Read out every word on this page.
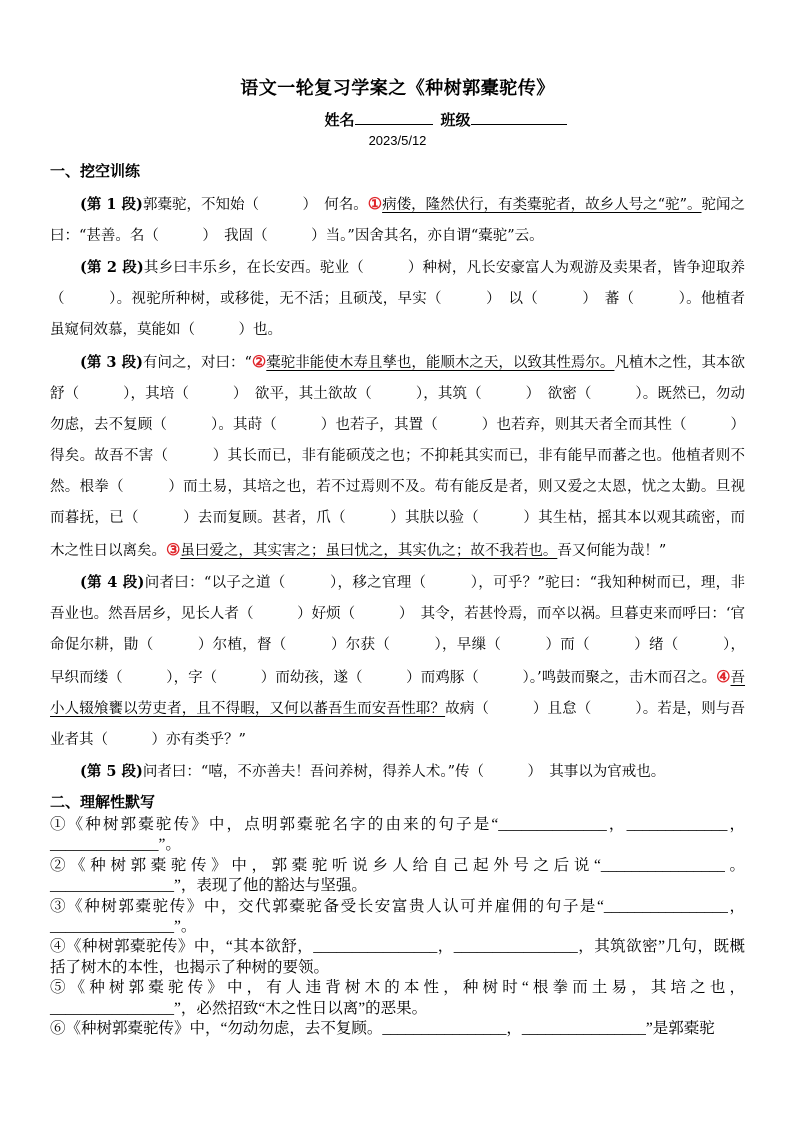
语文一轮复习学案之《种树郭橐驼传》
姓名	班级
2023/5/12
一、挖空训练

(第 1 段)郭橐驼，不知始（　　　）　何名。①病偻，隆然伏行，有类橐驼者，故乡人号之“驼”。驼闻之曰：“甚善。名（　　　）　我固（　　　）当。”因舍其名，亦自谓“橐驼”云。

(第 2 段)其乡曰丰乐乡，在长安西。驼业（　　　）种树，凡长安豪富人为观游及卖果者，皆争迎取养（　　　）。视驼所种树，或移徙，无不活；且硕茂，早实（　　　）　以（　　　）　蕃（　　　）。他植者虽窥伺效慕，莫能如（　　　）也。

(第 3 段)有问之，对曰：“②橐驼非能使木寿且孳也，能顺木之天，以致其性焉尔。凡植木之性，其本欲舒（　　　），其培（　　　）　欲平，其土欲故（　　　），其筑（　　　）　欲密（　　　）。既然已，勿动勿虑，去不复顾（　　　）。其莳（　　　）也若子，其置（　　　）也若弃，则其天者全而其性（　　　）得矣。故吾不害（　　　）其长而已，非有能硕茂之也；不抑耗其实而已，非有能早而蕃之也。他植者则不然。根拳（　　　）而土易，其培之也，若不过焉则不及。苟有能反是者，则又爱之太恩，忧之太勤。旦视而暮抚，已（　　　）去而复顾。甚者，爪（　　　）其肤以验（　　　）其生枯，摇其本以观其疏密，而木之性日以离矣。③虽曰爱之，其实害之；虽曰忧之，其实仇之；故不我若也。吾又何能为哉！”

(第 4 段)问者曰：“以子之道（　　　），移之官理（　　　），可乎？”驼曰：“我知种树而已，理，非吾业也。然吾居乡，见长人者（　　　）好烦（　　　）　其令，若甚怜焉，而卒以祸。旦暮吏来而呼曰：‘官命促尔耕，勖（　　　）尔植，督（　　　）尔获（　　　），早缫（　　　）而（　　　）绪（　　　），早织而缕（　　　），字（　　　）而幼孩，遂（　　　）而鸡豚（　　　）。’鸣鼓而聚之，击木而召之。④吾小人辍飧饔以劳吏者，且不得暇，又何以蕃吾生而安吾性耶？故病（　　　）且怠（　　　）。若是，则与吾业者其（　　　）亦有类乎？”

(第 5 段)问者曰：“嘻，不亦善夫！吾问养树，得养人术。”传（　　　）　其事以为官戒也。

二、理解性默写

①《种树郭橐驼传》中，点明郭橐驼名字的由来的句子是“______________，_____________，______________”。

②《种树郭橐驼传》中，郭橐驼听说乡人给自己起外号之后说“________________。________________”，表现了他的豁达与坚强。

③《种树郭橐驼传》中，交代郭橐驼备受长安富贵人认可并雇佣的句子是“________________，________________”。

④《种树郭橐驼传》中，“其本欲舒，________________，________________，其筑欲密”几句，既概括了树木的本性，也揭示了种树的要领。

⑤《种树郭橐驼传》中，有人违背树木的本性，种树时“根拳而土易，其培之也，________________”，必然招致“木之性日以离”的恶果。

⑥《种树郭橐驼传》中，“勿动勿虑，去不复顾。________________，________________”是郭橐驼
